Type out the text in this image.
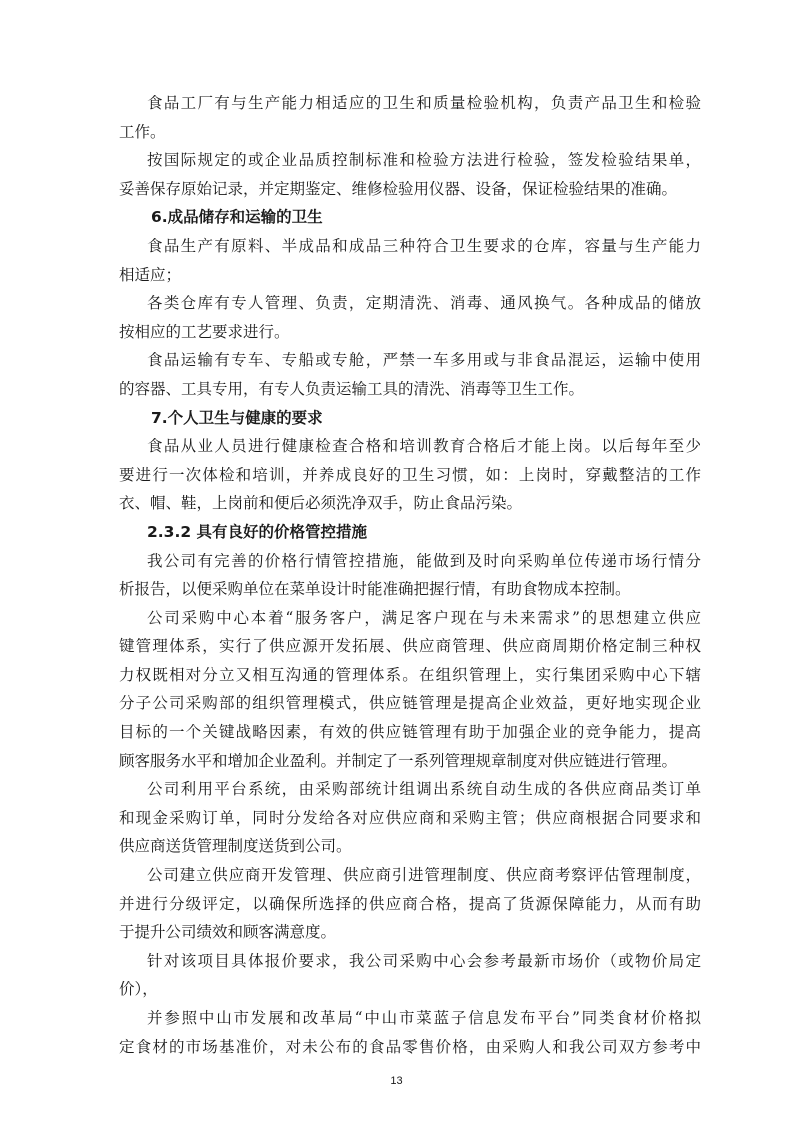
食品工厂有与生产能力相适应的卫生和质量检验机构，负责产品卫生和检验
工作。
按国际规定的或企业品质控制标准和检验方法进行检验，签发检验结果单，
妥善保存原始记录，并定期鉴定、维修检验用仪器、设备，保证检验结果的准确。
6.成品储存和运输的卫生
食品生产有原料、半成品和成品三种符合卫生要求的仓库，容量与生产能力
相适应；
各类仓库有专人管理、负责，定期清洗、消毒、通风换气。各种成品的储放
按相应的工艺要求进行。
食品运输有专车、专船或专舱，严禁一车多用或与非食品混运，运输中使用
的容器、工具专用，有专人负责运输工具的清洗、消毒等卫生工作。
7.个人卫生与健康的要求
食品从业人员进行健康检查合格和培训教育合格后才能上岗。以后每年至少
要进行一次体检和培训，并养成良好的卫生习惯，如：上岗时，穿戴整洁的工作
衣、帽、鞋，上岗前和便后必须洗净双手，防止食品污染。
2.3.2 具有良好的价格管控措施
我公司有完善的价格行情管控措施，能做到及时向采购单位传递市场行情分
析报告，以便采购单位在菜单设计时能准确把握行情，有助食物成本控制。
公司采购中心本着“服务客户，满足客户现在与未来需求”的思想建立供应
键管理体系，实行了供应源开发拓展、供应商管理、供应商周期价格定制三种权
力权既相对分立又相互沟通的管理体系。在组织管理上，实行集团采购中心下辖
分子公司采购部的组织管理模式，供应链管理是提高企业效益，更好地实现企业
目标的一个关键战略因素，有效的供应链管理有助于加强企业的竞争能力，提高
顾客服务水平和增加企业盈利。并制定了一系列管理规章制度对供应链进行管理。
公司利用平台系统，由采购部统计组调出系统自动生成的各供应商品类订单
和现金采购订单，同时分发给各对应供应商和采购主管；供应商根据合同要求和
供应商送货管理制度送货到公司。
公司建立供应商开发管理、供应商引进管理制度、供应商考察评估管理制度，
并进行分级评定，以确保所选择的供应商合格，提高了货源保障能力，从而有助
于提升公司绩效和顾客满意度。
针对该项目具体报价要求，我公司采购中心会参考最新市场价（或物价局定
价），
并参照中山市发展和改革局“中山市菜蓝子信息发布平台”同类食材价格拟
定食材的市场基准价，对未公布的食品零售价格，由采购人和我公司双方参考中
13
